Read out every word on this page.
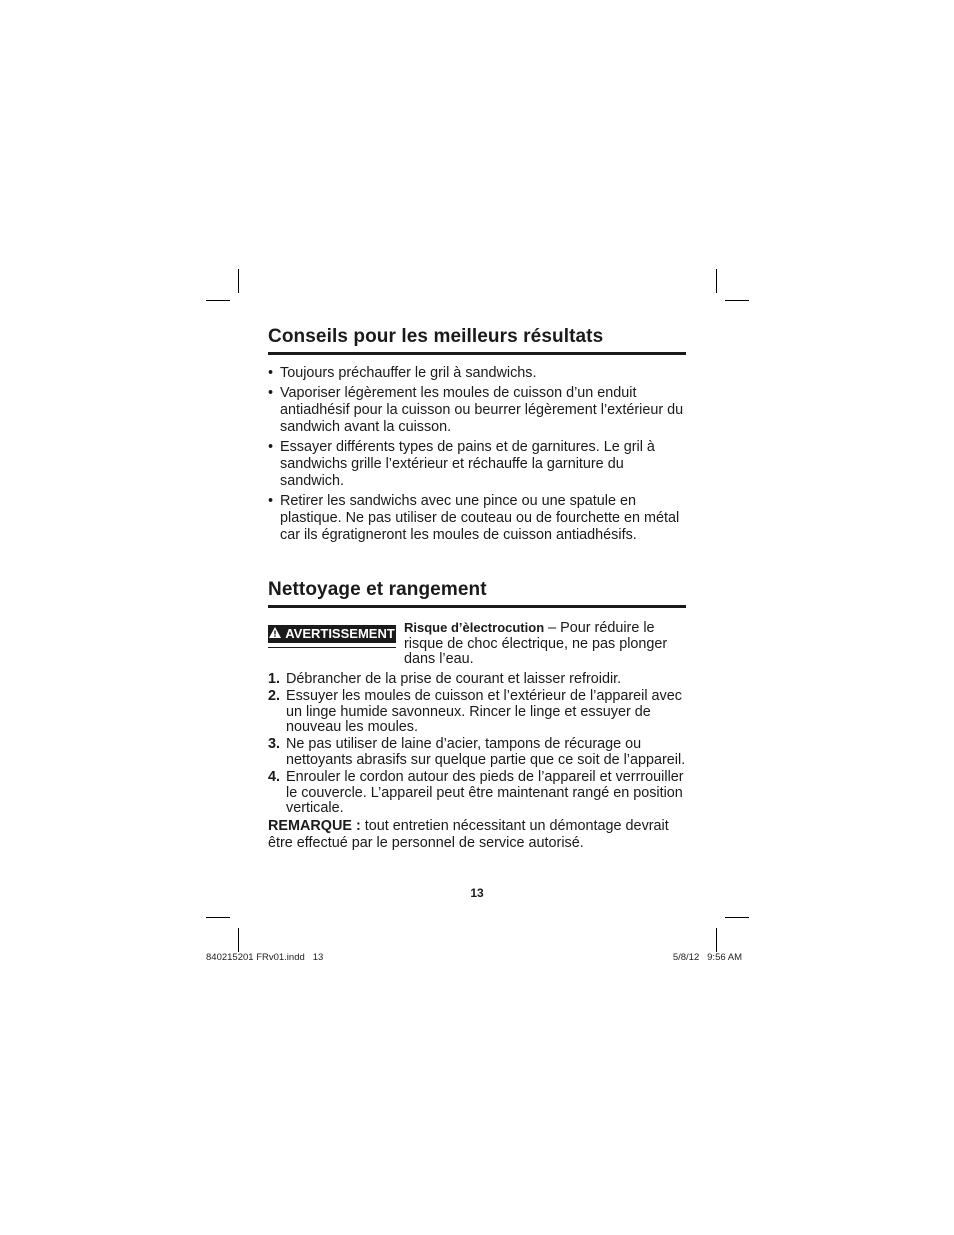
Conseils pour les meilleurs résultats
• Toujours préchauffer le gril à sandwichs.
• Vaporiser légèrement les moules de cuisson d’un enduit antiadhésif pour la cuisson ou beurrer légèrement l’extérieur du sandwich avant la cuisson.
• Essayer différents types de pains et de garnitures. Le gril à sandwichs grille l’extérieur et réchauffe la garniture du sandwich.
• Retirer les sandwichs avec une pince ou une spatule en plastique. Ne pas utiliser de couteau ou de fourchette en métal car ils égratigneront les moules de cuisson antiadhésifs.
Nettoyage et rangement
AVERTISSEMENT Risque d’èlectrocution – Pour réduire le risque de choc électrique, ne pas plonger dans l’eau.
1. Débrancher de la prise de courant et laisser refroidir.
2. Essuyer les moules de cuisson et l’extérieur de l’appareil avec un linge humide savonneux. Rincer le linge et essuyer de nouveau les moules.
3. Ne pas utiliser de laine d’acier, tampons de récurage ou nettoyants abrasifs sur quelque partie que ce soit de l’appareil.
4. Enrouler le cordon autour des pieds de l’appareil et verrrouiller le couvercle. L’appareil peut être maintenant rangé en position verticale.
REMARQUE : tout entretien nécessitant un démontage devrait être effectué par le personnel de service autorisé.
13
840215201 FRv01.indd   13	5/8/12   9:56 AM
